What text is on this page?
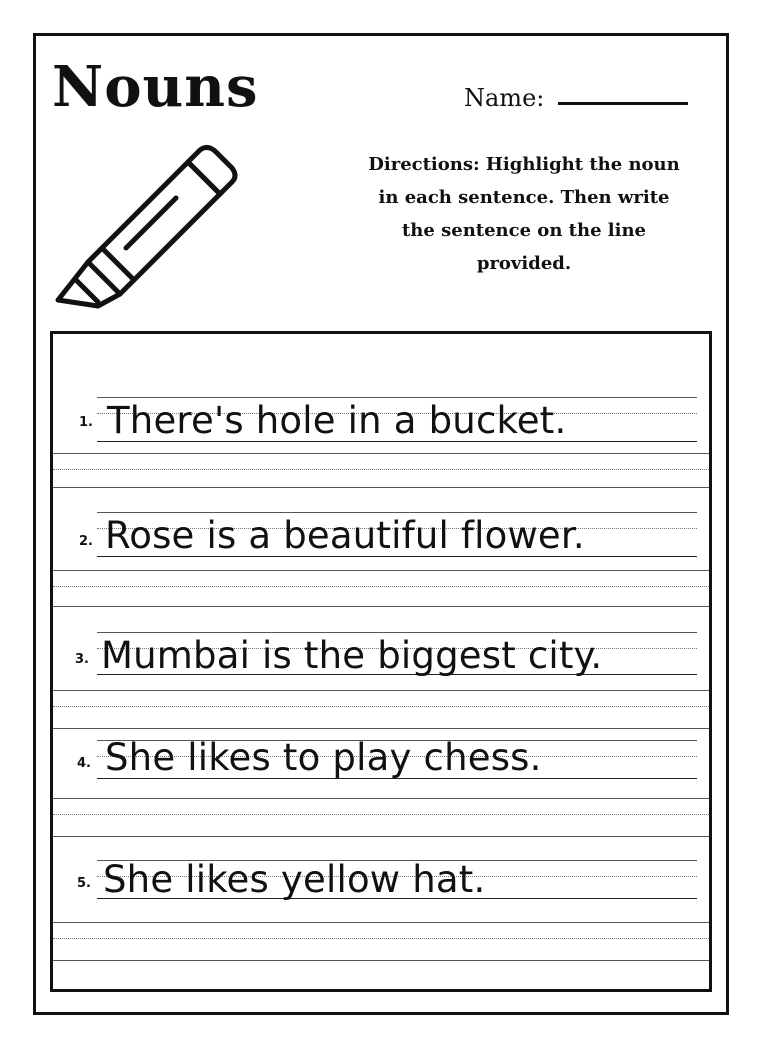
Nouns	Name:
Directions: Highlight the noun
in each sentence. Then write
the sentence on the line
provided.
1. There's hole in a bucket.
2. Rose is a beautiful flower.
3. Mumbai is the biggest city.
4. She likes to play chess.
5. She likes yellow hat.
